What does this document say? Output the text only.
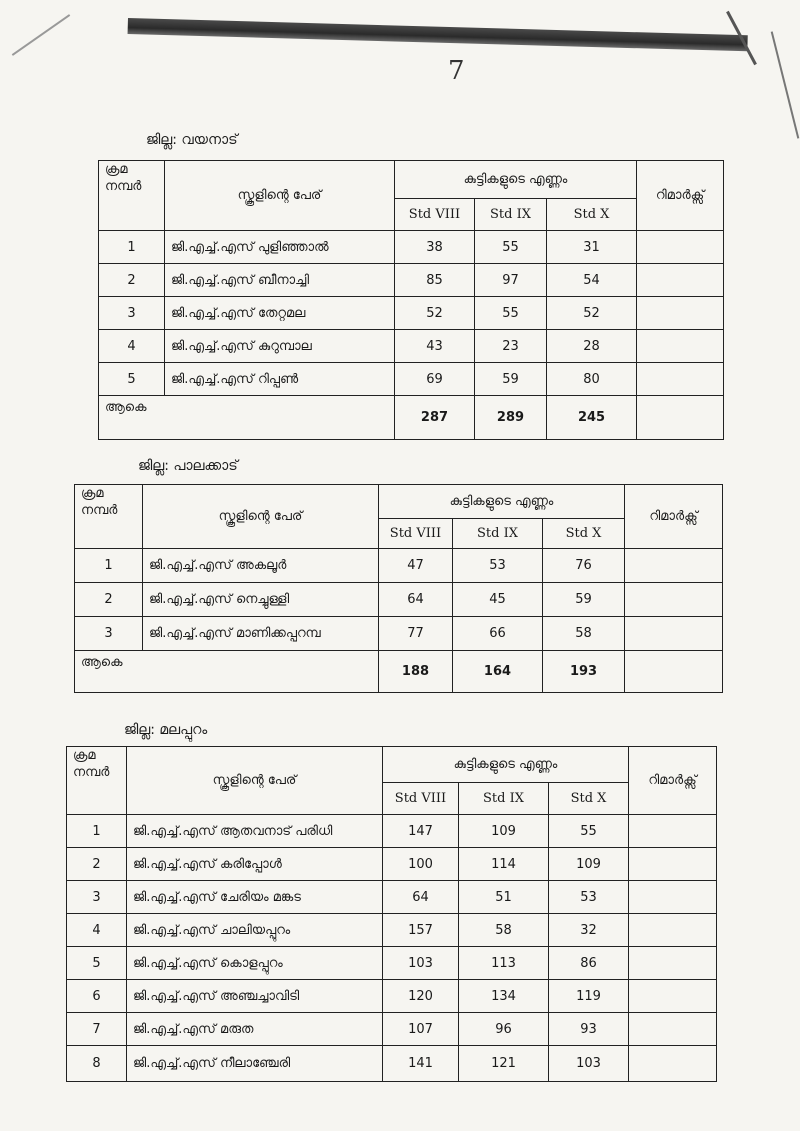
7
ജില്ല: വയനാട്
ക്രമ നമ്പർ	സ്കൂളിന്റെ പേര്	കുട്ടികളുടെ എണ്ണം			റിമാർക്സ്
		Std VIII	Std IX	Std X	
1	ജി.എച്ച്.എസ് പുളിഞ്ഞാൽ	38	55	31	
2	ജി.എച്ച്.എസ് ബീനാച്ചി	85	97	54	
3	ജി.എച്ച്.എസ് തേറ്റമല	52	55	52	
4	ജി.എച്ച്.എസ് കുറുമ്പാല	43	23	28	
5	ജി.എച്ച്.എസ് റിപ്പൺ	69	59	80	
ആകെ		287	289	245	
ജില്ല: പാലക്കാട്
ക്രമ നമ്പർ	സ്കൂളിന്റെ പേര്	കുട്ടികളുടെ എണ്ണം			റിമാർക്സ്
		Std VIII	Std IX	Std X	
1	ജി.എച്ച്.എസ് അകലൂർ	47	53	76	
2	ജി.എച്ച്.എസ് നെച്ചുള്ളി	64	45	59	
3	ജി.എച്ച്.എസ് മാണിക്കപ്പറമ്പ	77	66	58	
ആകെ		188	164	193	
ജില്ല: മലപ്പുറം
ക്രമ നമ്പർ	സ്കൂളിന്റെ പേര്	കുട്ടികളുടെ എണ്ണം			റിമാർക്സ്
		Std VIII	Std IX	Std X	
1	ജി.എച്ച്.എസ് ആതവനാട് പരിധി	147	109	55	
2	ജി.എച്ച്.എസ് കരിപ്പോൾ	100	114	109	
3	ജി.എച്ച്.എസ് ചേരിയം മങ്കട	64	51	53	
4	ജി.എച്ച്.എസ് ചാലിയപ്പുറം	157	58	32	
5	ജി.എച്ച്.എസ് കൊളപ്പുറം	103	113	86	
6	ജി.എച്ച്.എസ് അഞ്ചച്ചാവിടി	120	134	119	
7	ജി.എച്ച്.എസ് മരുത	107	96	93	
8	ജി.എച്ച്.എസ് നീലാഞ്ചേരി	141	121	103	
